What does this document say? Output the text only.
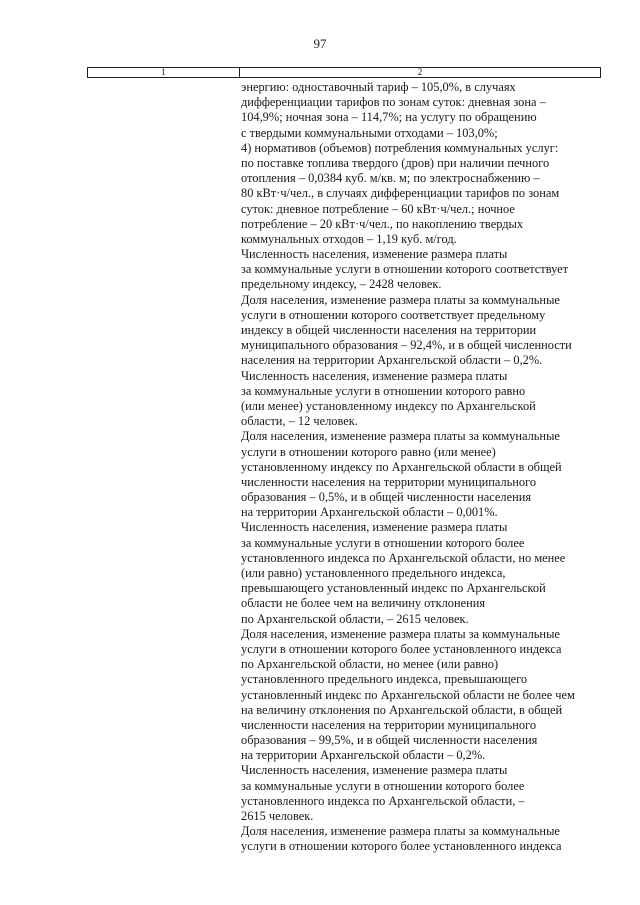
97
1	2
энергию: одноставочный тариф – 105,0%, в случаях
дифференциации тарифов по зонам суток: дневная зона –
104,9%; ночная зона – 114,7%; на услугу по обращению
с твердыми коммунальными отходами – 103,0%;
4) нормативов (объемов) потребления коммунальных услуг:
по поставке топлива твердого (дров) при наличии печного
отопления – 0,0384 куб. м/кв. м; по электроснабжению –
80 кВт·ч/чел., в случаях дифференциации тарифов по зонам
суток: дневное потребление – 60 кВт·ч/чел.; ночное
потребление – 20 кВт·ч/чел., по накоплению твердых
коммунальных отходов – 1,19 куб. м/год.
Численность населения, изменение размера платы
за коммунальные услуги в отношении которого соответствует
предельному индексу, – 2428 человек.
Доля населения, изменение размера платы за коммунальные
услуги в отношении которого соответствует предельному
индексу в общей численности населения на территории
муниципального образования – 92,4%, и в общей численности
населения на территории Архангельской области – 0,2%.
Численность населения, изменение размера платы
за коммунальные услуги в отношении которого равно
(или менее) установленному индексу по Архангельской
области, – 12 человек.
Доля населения, изменение размера платы за коммунальные
услуги в отношении которого равно (или менее)
установленному индексу по Архангельской области в общей
численности населения на территории муниципального
образования – 0,5%, и в общей численности населения
на территории Архангельской области – 0,001%.
Численность населения, изменение размера платы
за коммунальные услуги в отношении которого более
установленного индекса по Архангельской области, но менее
(или равно) установленного предельного индекса,
превышающего установленный индекс по Архангельской
области не более чем на величину отклонения
по Архангельской области, – 2615 человек.
Доля населения, изменение размера платы за коммунальные
услуги в отношении которого более установленного индекса
по Архангельской области, но менее (или равно)
установленного предельного индекса, превышающего
установленный индекс по Архангельской области не более чем
на величину отклонения по Архангельской области, в общей
численности населения на территории муниципального
образования – 99,5%, и в общей численности населения
на территории Архангельской области – 0,2%.
Численность населения, изменение размера платы
за коммунальные услуги в отношении которого более
установленного индекса по Архангельской области, –
2615 человек.
Доля населения, изменение размера платы за коммунальные
услуги в отношении которого более установленного индекса
